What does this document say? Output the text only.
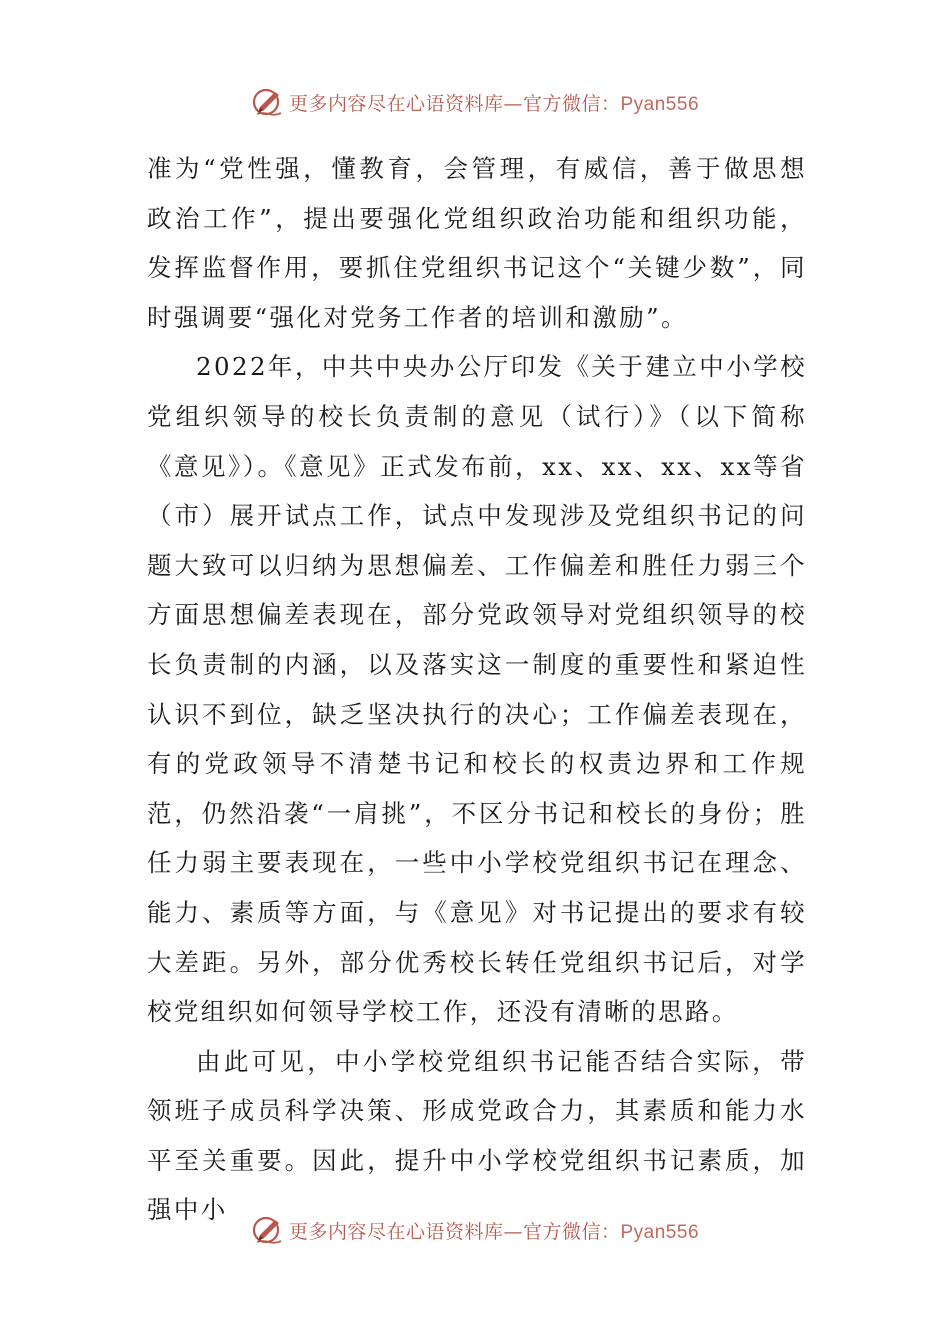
更多内容尽在心语资料库—官方微信：Pyan556

准为“党性强，懂教育，会管理，有威信，善于做思想政治工作”，提出要强化党组织政治功能和组织功能，发挥监督作用，要抓住党组织书记这个“关键少数”，同时强调要“强化对党务工作者的培训和激励”。

2022年，中共中央办公厅印发《关于建立中小学校党组织领导的校长负责制的意见（试行）》（以下简称《意见》）。《意见》正式发布前，xx、xx、xx、xx等省（市）展开试点工作，试点中发现涉及党组织书记的问题大致可以归纳为思想偏差、工作偏差和胜任力弱三个方面思想偏差表现在，部分党政领导对党组织领导的校长负责制的内涵，以及落实这一制度的重要性和紧迫性认识不到位，缺乏坚决执行的决心；工作偏差表现在，有的党政领导不清楚书记和校长的权责边界和工作规范，仍然沿袭“一肩挑”，不区分书记和校长的身份；胜任力弱主要表现在，一些中小学校党组织书记在理念、能力、素质等方面，与《意见》对书记提出的要求有较大差距。另外，部分优秀校长转任党组织书记后，对学校党组织如何领导学校工作，还没有清晰的思路。

由此可见，中小学校党组织书记能否结合实际，带领班子成员科学决策、形成党政合力，其素质和能力水平至关重要。因此，提升中小学校党组织书记素质，加强中小

更多内容尽在心语资料库—官方微信：Pyan556
